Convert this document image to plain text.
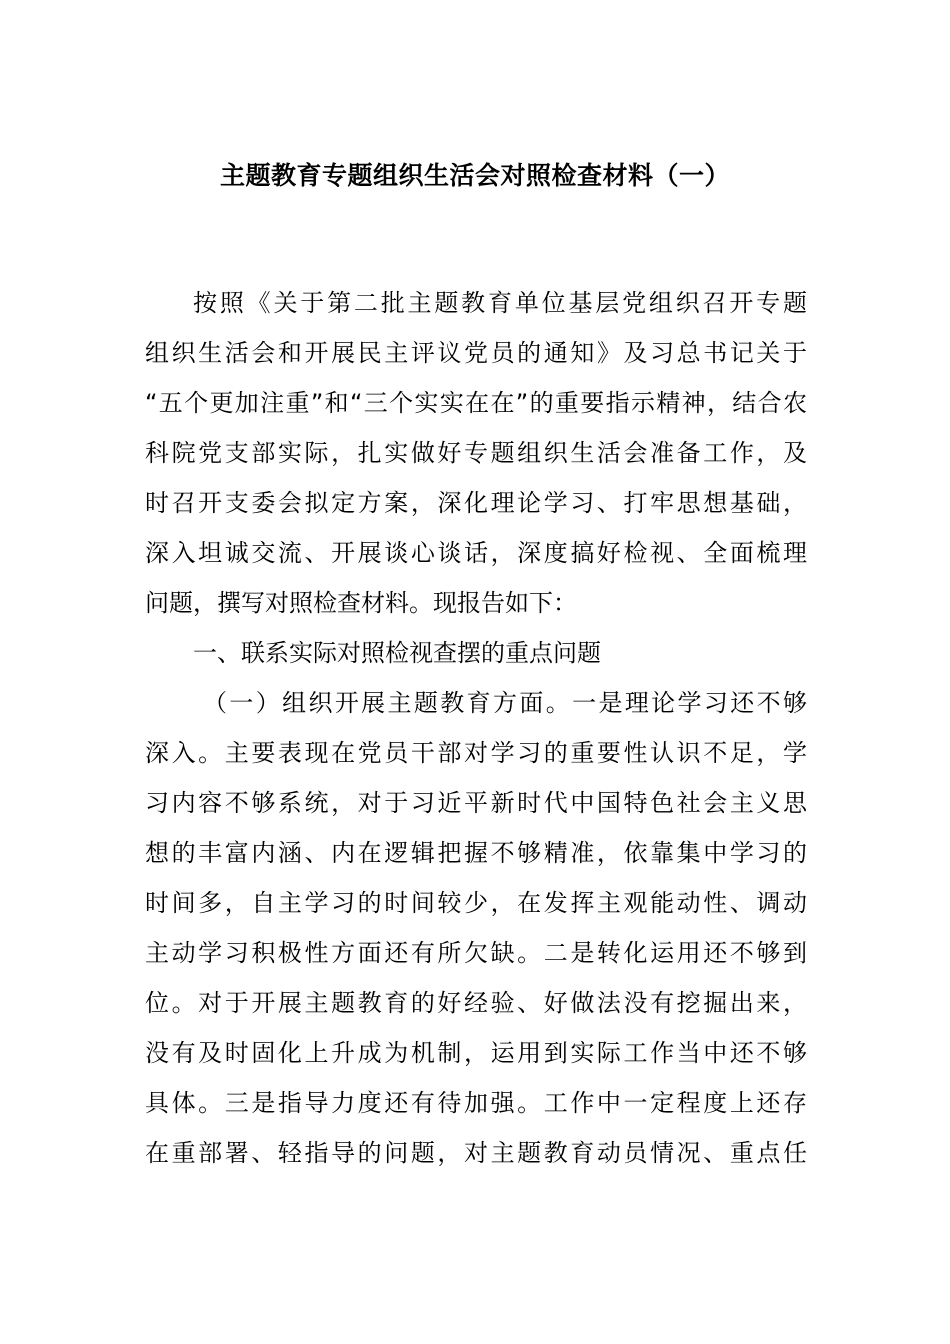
主题教育专题组织生活会对照检查材料（一）
按照《关于第二批主题教育单位基层党组织召开专题
组织生活会和开展民主评议党员的通知》及习总书记关于
“五个更加注重”和“三个实实在在”的重要指示精神，结合农
科院党支部实际，扎实做好专题组织生活会准备工作，及
时召开支委会拟定方案，深化理论学习、打牢思想基础，
深入坦诚交流、开展谈心谈话，深度搞好检视、全面梳理
问题，撰写对照检查材料。现报告如下：
一、联系实际对照检视查摆的重点问题
（一）组织开展主题教育方面。一是理论学习还不够
深入。主要表现在党员干部对学习的重要性认识不足，学
习内容不够系统，对于习近平新时代中国特色社会主义思
想的丰富内涵、内在逻辑把握不够精准，依靠集中学习的
时间多，自主学习的时间较少，在发挥主观能动性、调动
主动学习积极性方面还有所欠缺。二是转化运用还不够到
位。对于开展主题教育的好经验、好做法没有挖掘出来，
没有及时固化上升成为机制，运用到实际工作当中还不够
具体。三是指导力度还有待加强。工作中一定程度上还存
在重部署、轻指导的问题，对主题教育动员情况、重点任
